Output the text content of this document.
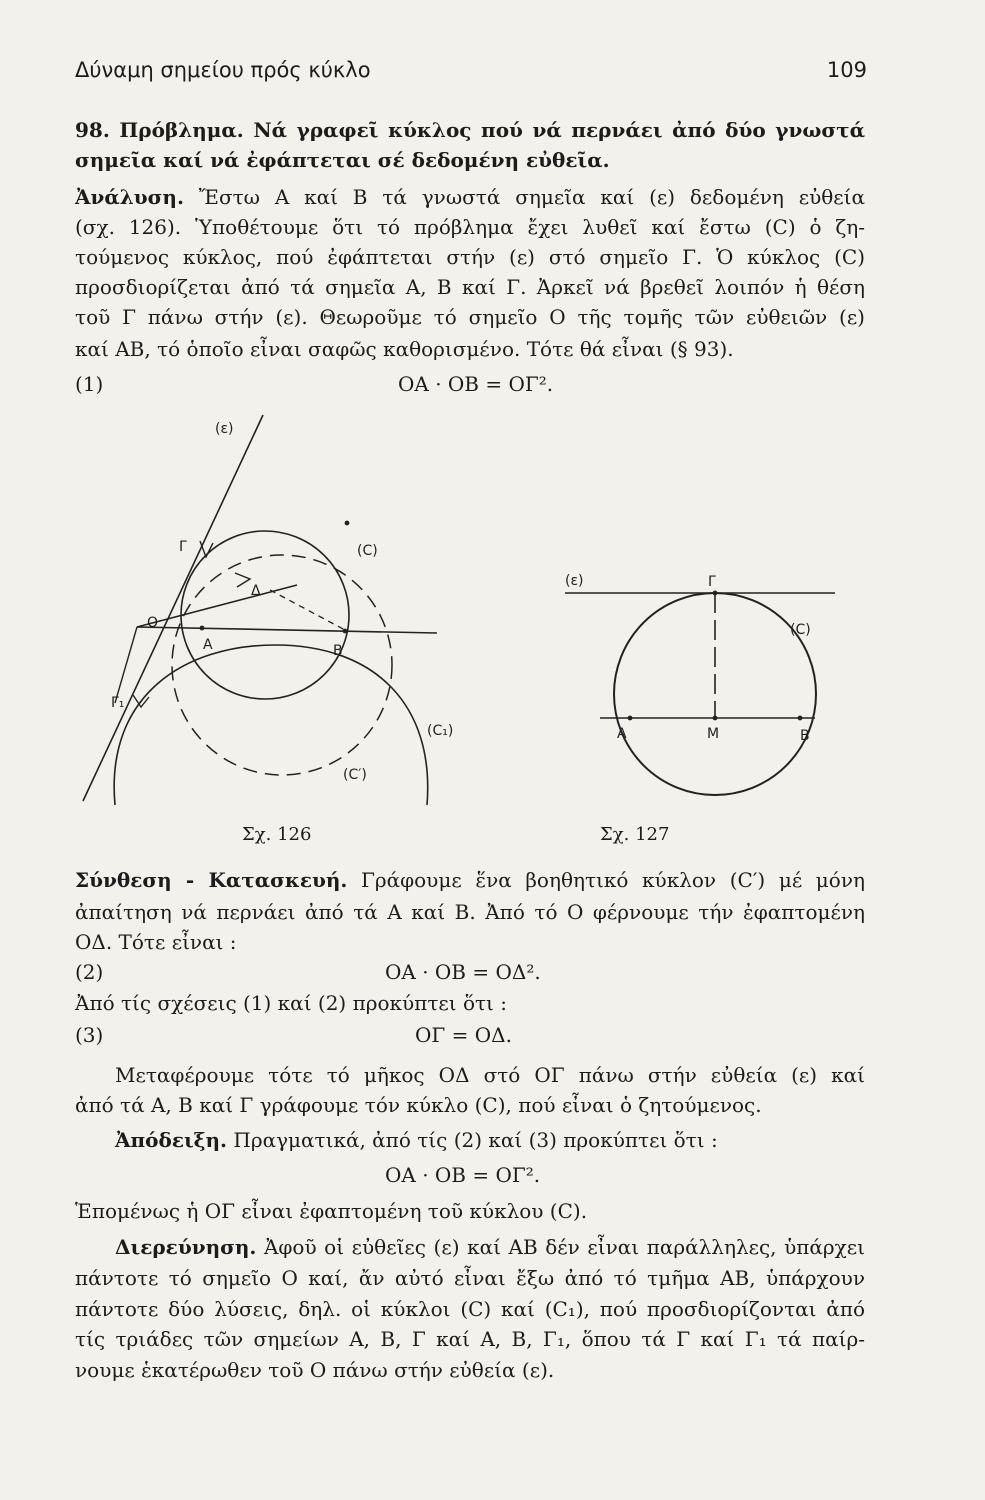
Δύναμη σημείου πρός κύκλο	109
98. Πρόβλημα. Νά γραφεῖ κύκλος πού νά περνάει ἀπό δύο γνωστά
σημεῖα καί νά ἐφάπτεται σέ δεδομένη εὐθεῖα.
Ἀνάλυση. Ἔστω Α καί Β τά γνωστά σημεῖα καί (ε) δεδομένη εὐθεία
(σχ. 126). Ὑποθέτουμε ὅτι τό πρόβλημα ἔχει λυθεῖ καί ἔστω (C) ὁ ζη-
τούμενος κύκλος, πού ἐφάπτεται στήν (ε) στό σημεῖο Γ. Ὁ κύκλος (C)
προσδιορίζεται ἀπό τά σημεῖα Α, Β καί Γ. Ἀρκεῖ νά βρεθεῖ λοιπόν ἡ θέση
τοῦ Γ πάνω στήν (ε). Θεωροῦμε τό σημεῖο Ο τῆς τομῆς τῶν εὐθειῶν (ε)
καί ΑΒ, τό ὁποῖο εἶναι σαφῶς καθορισμένο. Τότε θά εἶναι (§ 93).
(1)	ΟΑ · ΟΒ = ΟΓ².
(ε)
Γ	(C)
Δ
O
A	B
Γ₁
(C₁)
(C′)
Σχ. 126
(ε)	Γ
(C)
A	M	B
Σχ. 127
Σύνθεση - Κατασκευή. Γράφουμε ἕνα βοηθητικό κύκλον (C′) μέ μόνη
ἀπαίτηση νά περνάει ἀπό τά Α καί Β. Ἀπό τό Ο φέρνουμε τήν ἐφαπτομένη
ΟΔ. Τότε εἶναι :
(2)	ΟΑ · ΟΒ = ΟΔ².
Ἀπό τίς σχέσεις (1) καί (2) προκύπτει ὅτι :
(3)	ΟΓ = ΟΔ.
Μεταφέρουμε τότε τό μῆκος ΟΔ στό ΟΓ πάνω στήν εὐθεία (ε) καί
ἀπό τά Α, Β καί Γ γράφουμε τόν κύκλο (C), πού εἶναι ὁ ζητούμενος.
Ἀπόδειξη. Πραγματικά, ἀπό τίς (2) καί (3) προκύπτει ὅτι :
ΟΑ · ΟΒ = ΟΓ².
Ἑπομένως ἡ ΟΓ εἶναι ἐφαπτομένη τοῦ κύκλου (C).
Διερεύνηση. Ἀφοῦ οἱ εὐθεῖες (ε) καί ΑΒ δέν εἶναι παράλληλες, ὑπάρχει
πάντοτε τό σημεῖο Ο καί, ἄν αὐτό εἶναι ἔξω ἀπό τό τμῆμα ΑΒ, ὑπάρχουν
πάντοτε δύο λύσεις, δηλ. οἱ κύκλοι (C) καί (C₁), πού προσδιορίζονται ἀπό
τίς τριάδες τῶν σημείων Α, Β, Γ καί Α, Β, Γ₁, ὅπου τά Γ καί Γ₁ τά παίρ-
νουμε ἑκατέρωθεν τοῦ Ο πάνω στήν εὐθεία (ε).
